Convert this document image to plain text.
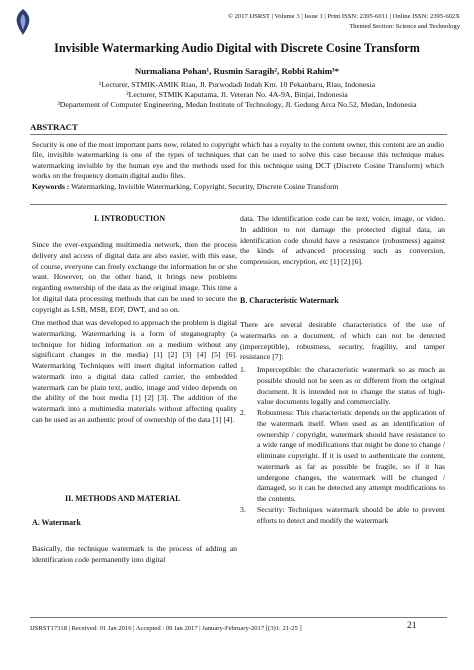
© 2017 IJSRST | Volume 3 | Issue 1 | Print ISSN: 2395-6011 | Online ISSN: 2395-602X
Themed Section: Science and Technology
Invisible Watermarking Audio Digital with Discrete Cosine Transform
Nurmaliana Pohan¹, Rusmin Saragih², Robbi Rahim³*
¹Lecturer, STMIK-AMIK Riau, Jl. Purwodadi Indah Km. 10 Pekanbaru, Riau, Indonesia
²Lecturer, STMIK Kaputama, Jl. Veteran No. 4A-9A, Binjai, Indonesia
³Departement of Computer Engineering, Medan Institute of Technology, Jl. Gedung Arca No.52, Medan, Indonesia
ABSTRACT
Security is one of the most important parts now, related to copyright which has a royalty to the content owner, this content are an audio file, invisible watermarking is one of the types of techniques that can be used to solve this case because this technique makes watermarking invisible by the human eye and the methods used for this technique using DCT (Discrete Cosine Transform) which works on the frequency domain digital audio files.
Keywords : Watermarking, Invisible Watermarking, Copyright, Security, Discrete Cosine Transform
I. INTRODUCTION
Since the ever-expanding multimedia network, then the process delivery and access of digital data are also easier, with this ease, of course, everyone can freely exchange the information he or she want. However, on the other hand, it brings new problems regarding ownership of the data as the original image. This time a lot digital data processing methods that can be used to secure the copyright as LSB, MSB, EOF, DWT, and so on.
One method that was developed to approach the problem is digital watermarking. Watermarking is a form of steganography (a technique for hiding information on a medium without any significant changes in the media) [1] [2] [3] [4] [5] [6]. Watermarking Techniques will insert digital information called watermark into a digital data called carrier, the embedded watermark can be plain text, audio, image and video depends on the ability of the host media [1] [2] [3]. The addition of the watermark into a multimedia materials without affecting quality can be used as an authentic proof of ownership of the data [1] [4].
II. METHODS AND MATERIAL
A. Watermark
Basically, the technique watermark is the process of adding an identification code permanently into digital
data. The identification code can be text, voice, image, or video. In addition to not damage the protected digital data, an identification code should have a resistance (robustness) against the kinds of advanced processing such as conversion, compression, encryption, etc [1] [2] [6].
B. Characteristic Watermark
There are several desirable characteristics of the use of watermarks on a document, of which can not be detected (imperceptible), robustness, security, fragility, and tamper resistance [7]:
1. Imperceptible: the characteristic watermark so as much as possible should not be seen as or different from the original document. It is intended not to change the status of high-value documents legally and commercially.
2. Robustness: This characteristic depends on the application of the watermark itself. When used as an identification of ownership / copyright, watermark should have resistance to a wide range of modifications that might be done to change / eliminate copyright. If it is used to authenticate the content, watermark as far as possible be fragile, so if it has undergone changes, the watermark will be changed / damaged, so it can be detected any attempt modifications to the contents.
3. Security: Techniques watermark should be able to prevent efforts to detect and modify the watermark
IJSRST17318 | Received: 01 Jan 2016 | Accepted : 09 Jan 2017 | January-February-2017 [(3)1: 21-25 ]	21
